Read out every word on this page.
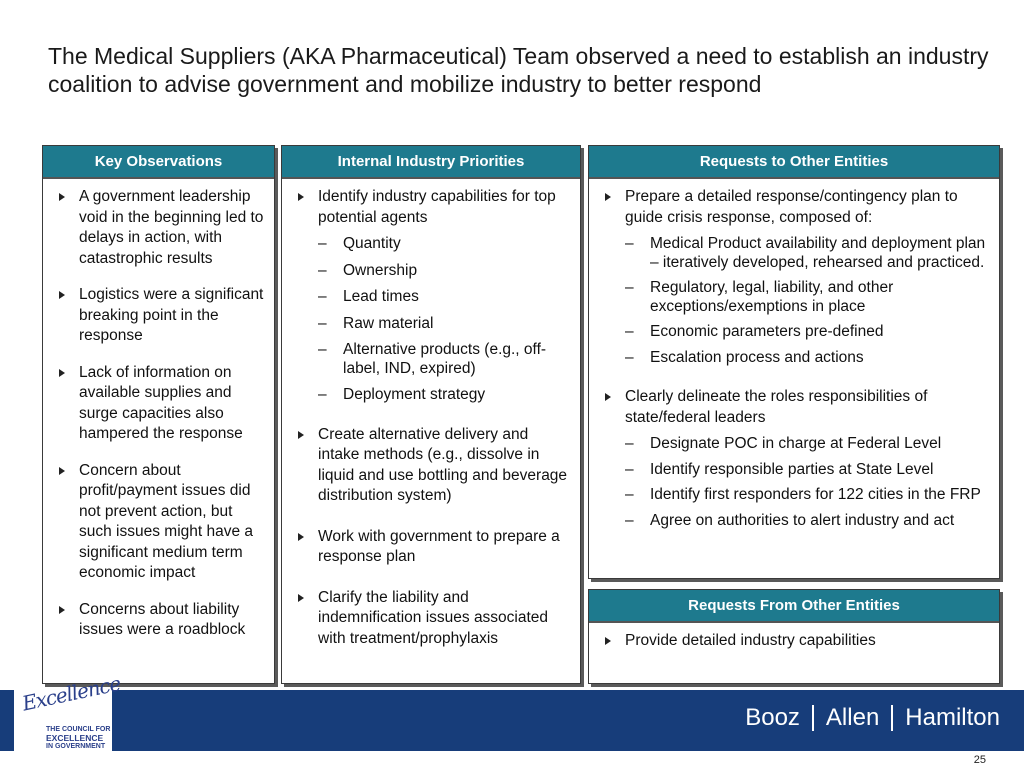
The Medical Suppliers (AKA Pharmaceutical) Team observed a need to establish an industry coalition to advise government and mobilize industry to better respond
Key Observations
A government leadership void in the beginning led to delays in action, with catastrophic results
Logistics were a significant breaking point in the response
Lack of information on available supplies and surge capacities also hampered the response
Concern about profit/payment issues did not prevent action, but such issues might have a significant medium term economic impact
Concerns about liability issues were a roadblock
Internal Industry Priorities
Identify industry capabilities for top potential agents
– Quantity
– Ownership
– Lead times
– Raw material
– Alternative products (e.g., off-label, IND, expired)
– Deployment strategy
Create alternative delivery and intake methods (e.g., dissolve in liquid and use bottling and beverage distribution system)
Work with government to prepare a response plan
Clarify the liability and indemnification issues associated with treatment/prophylaxis
Requests to Other Entities
Prepare a detailed response/contingency plan to guide crisis response, composed of:
– Medical Product availability and deployment plan – iteratively developed, rehearsed and practiced.
– Regulatory, legal, liability, and other exceptions/exemptions in place
– Economic parameters pre-defined
– Escalation process and actions
Clearly delineate the roles responsibilities of state/federal leaders
– Designate POC in charge at Federal Level
– Identify responsible parties at State Level
– Identify first responders for 122 cities in the FRP
– Agree on authorities to alert industry and act
Requests From Other Entities
Provide detailed industry capabilities
Excellence
THE COUNCIL FOR
EXCELLENCE
IN GOVERNMENT
Booz Allen Hamilton
25
